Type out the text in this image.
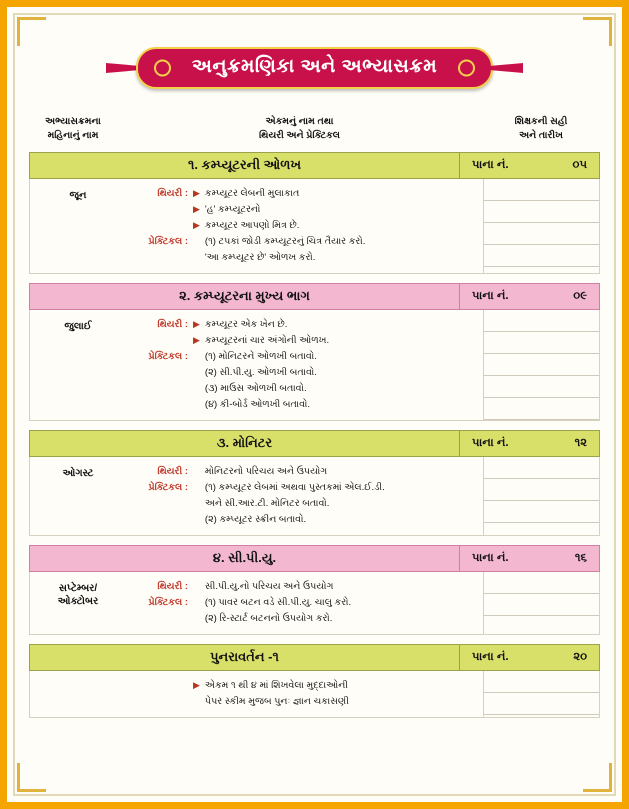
અનુક્રમણિકા અને અભ્યાસક્રમ
અભ્યાસક્રમના
મહિનાનું નામ
એકમનું નામ તથા
થિયરી અને પ્રેક્ટિકલ
શિક્ષકની સહી
અને તારીખ
૧. કમ્પ્યૂટરની ઓળખ	પાના નં.	૦૫
જૂન	થિયરી : ▶ કમ્પ્યૂટર લેબની મુલાકાત
▶ 'હ' કમ્પ્યૂટરનો
▶ કમ્પ્યૂટર આપણો મિત્ર છે.
પ્રેક્ટિકલ :	(૧) ટપકાં જોડી કમ્પ્યૂટરનું ચિત્ર તૈયાર કરો.
'આ કમ્પ્યૂટર છે' ઓળખ કરો.
૨. કમ્પ્યૂટરના મુખ્ય ભાગ	પાના નં.	૦૯
જુલાઈ	થિયરી : ▶ કમ્પ્યૂટર એક ખેન છે.
▶ કમ્પ્યૂટરનાં ચાર અંગોની ઓળખ.
પ્રેક્ટિકલ :	(૧) મોનિટરને ઓળખી બતાવો.
(૨) સી.પી.યુ. ઓળખી બતાવો.
(૩) માઉસ ઓળખી બતાવો.
(૪) કી-બોર્ડ ઓળખી બતાવો.
૩. મોનિટર	પાના નં.	૧૨
ઓગસ્ટ	થિયરી :	મોનિટરનો પરિચય અને ઉપયોગ
પ્રેક્ટિકલ :	(૧) કમ્પ્યૂટર લેબમાં અથવા પુસ્તકમાં એલ.ઈ.ડી.
અને સી.આર.ટી. મોનિટર બતાવો.
(૨) કમ્પ્યૂટર સ્ક્રીન બતાવો.
૪. સી.પી.યુ.	પાના નં.	૧૬
સપ્ટેમ્બર/
ઓક્ટોબર
થિયરી :	સી.પી.યુ.નો પરિચય અને ઉપયોગ
પ્રેક્ટિકલ :	(૧) પાવર બટન વડે સી.પી.યુ. ચાલુ કરો.
(૨) રિ-સ્ટાર્ટ બટનનો ઉપયોગ કરો.
પુનરાવર્તન -૧	પાના નં.	૨૦
▶ એકમ ૧ થી ૪ માં શિખવેલા મુદ્દાઓની
પેપર સ્કીમ મુજબ પુનઃ જ્ઞાન ચકાસણી
